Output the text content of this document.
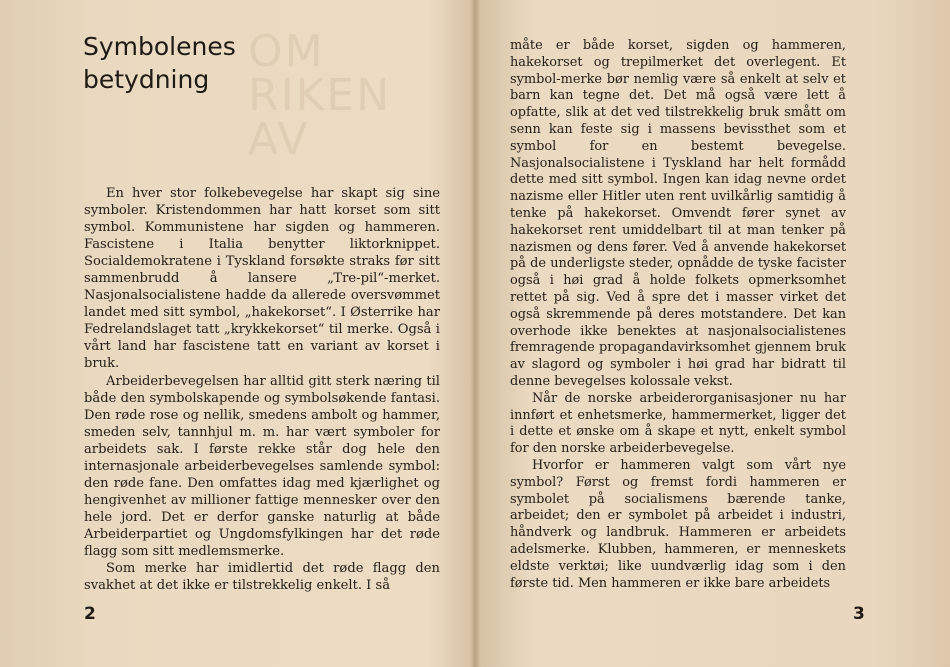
OM
RIKEN
AV
Symbolenes
betydning

En hver stor folkebevegelse har skapt sig sine symboler. Kristendommen har hatt korset som sitt symbol. Kommunistene har sigden og hammeren. Fascistene i Italia benytter liktorknippet. Socialdemokratene i Tyskland forsøkte straks før sitt sammenbrudd å lansere „Tre-pil“-merket. Nasjonalsocialistene hadde da allerede oversvømmet landet med sitt symbol, „hakekorset“. I Østerrike har Fedrelandslaget tatt „krykkekorset“ til merke. Også i vårt land har fascistene tatt en variant av korset i bruk.

Arbeiderbevegelsen har alltid gitt sterk næring til både den symbolskapende og symbolsøkende fantasi. Den røde rose og nellik, smedens ambolt og hammer, smeden selv, tannhjul m. m. har vært symboler for arbeidets sak. I første rekke står dog hele den internasjonale arbeiderbevegelses samlende symbol: den røde fane. Den omfattes idag med kjærlighet og hengivenhet av millioner fattige mennesker over den hele jord. Det er derfor ganske naturlig at både Arbeiderpartiet og Ungdomsfylkingen har det røde flagg som sitt medlemsmerke.

Som merke har imidlertid det røde flagg den svakhet at det ikke er tilstrekkelig enkelt. I så

2

måte er både korset, sigden og hammeren, hakekorset og trepilmerket det overlegent. Et symbol-merke bør nemlig være så enkelt at selv et barn kan tegne det. Det må også være lett å opfatte, slik at det ved tilstrekkelig bruk smått om senn kan feste sig i massens bevissthet som et symbol for en bestemt bevegelse. Nasjonalsocialistene i Tyskland har helt formådd dette med sitt symbol. Ingen kan idag nevne ordet nazisme eller Hitler uten rent uvilkårlig samtidig å tenke på hakekorset. Omvendt fører synet av hakekorset rent umiddelbart til at man tenker på nazismen og dens fører. Ved å anvende hakekorset på de underligste steder, opnådde de tyske facister også i høi grad å holde folkets opmerksomhet rettet på sig. Ved å spre det i masser virket det også skremmende på deres motstandere. Det kan overhode ikke benektes at nasjonalsocialistenes fremragende propagandavirksomhet gjennem bruk av slagord og symboler i høi grad har bidratt til denne bevegelses kolossale vekst.

Når de norske arbeiderorganisasjoner nu har innført et enhetsmerke, hammermerket, ligger det i dette et ønske om å skape et nytt, enkelt symbol for den norske arbeiderbevegelse.

Hvorfor er hammeren valgt som vårt nye symbol? Først og fremst fordi hammeren er symbolet på socialismens bærende tanke, arbeidet; den er symbolet på arbeidet i industri, håndverk og landbruk. Hammeren er arbeidets adelsmerke. Klubben, hammeren, er menneskets eldste verktøi; like uundværlig idag som i den første tid. Men hammeren er ikke bare arbeidets

3
